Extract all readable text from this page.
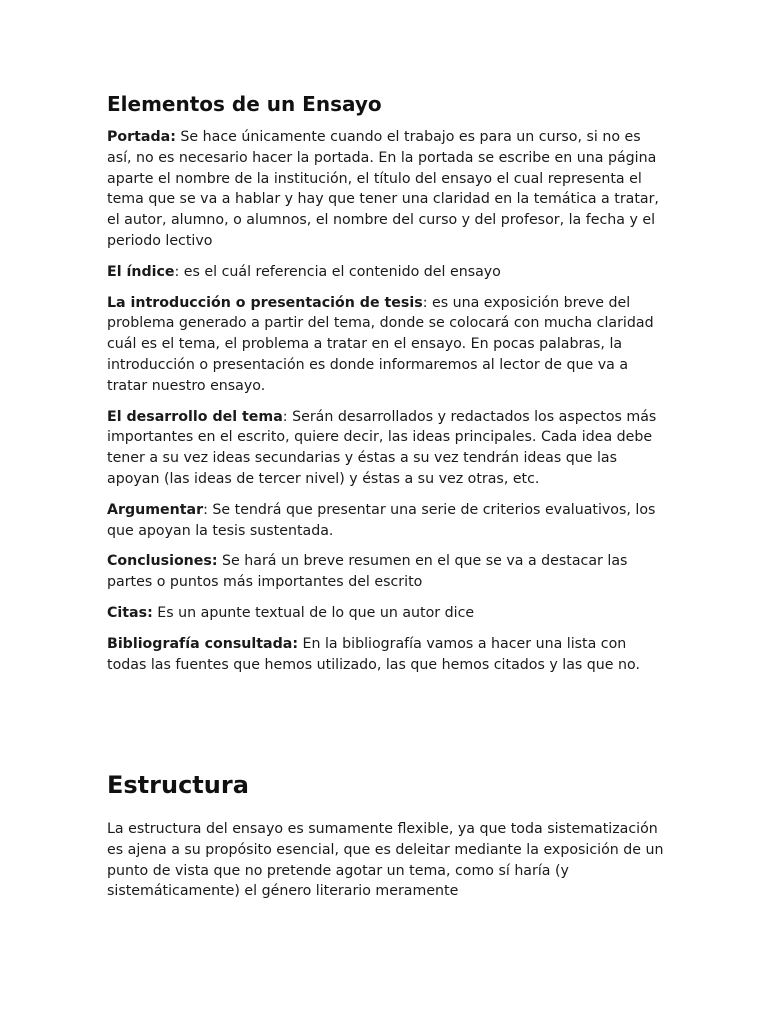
Elementos de un Ensayo

Portada: Se hace únicamente cuando el trabajo es para un curso, si no es así, no es necesario hacer la portada. En la portada se escribe en una página aparte el nombre de la institución, el título del ensayo el cual representa el tema que se va a hablar y hay que tener una claridad en la temática a tratar, el autor, alumno, o alumnos, el nombre del curso y del profesor, la fecha y el periodo lectivo

El índice: es el cuál referencia el contenido del ensayo

La introducción o presentación de tesis: es una exposición breve del problema generado a partir del tema, donde se colocará con mucha claridad cuál es el tema, el problema a tratar en el ensayo. En pocas palabras, la introducción o presentación es donde informaremos al lector de que va a tratar nuestro ensayo.

El desarrollo del tema: Serán desarrollados y redactados los aspectos más importantes en el escrito, quiere decir, las ideas principales. Cada idea debe tener a su vez ideas secundarias y éstas a su vez tendrán ideas que las apoyan (las ideas de tercer nivel) y éstas a su vez otras, etc.

Argumentar: Se tendrá que presentar una serie de criterios evaluativos, los que apoyan la tesis sustentada.

Conclusiones: Se hará un breve resumen en el que se va a destacar las partes o puntos más importantes del escrito

Citas: Es un apunte textual de lo que un autor dice

Bibliografía consultada: En la bibliografía vamos a hacer una lista con todas las fuentes que hemos utilizado, las que hemos citados y las que no.

Estructura

La estructura del ensayo es sumamente flexible, ya que toda sistematización es ajena a su propósito esencial, que es deleitar mediante la exposición de un punto de vista que no pretende agotar un tema, como sí haría (y sistemáticamente) el género literario meramente
